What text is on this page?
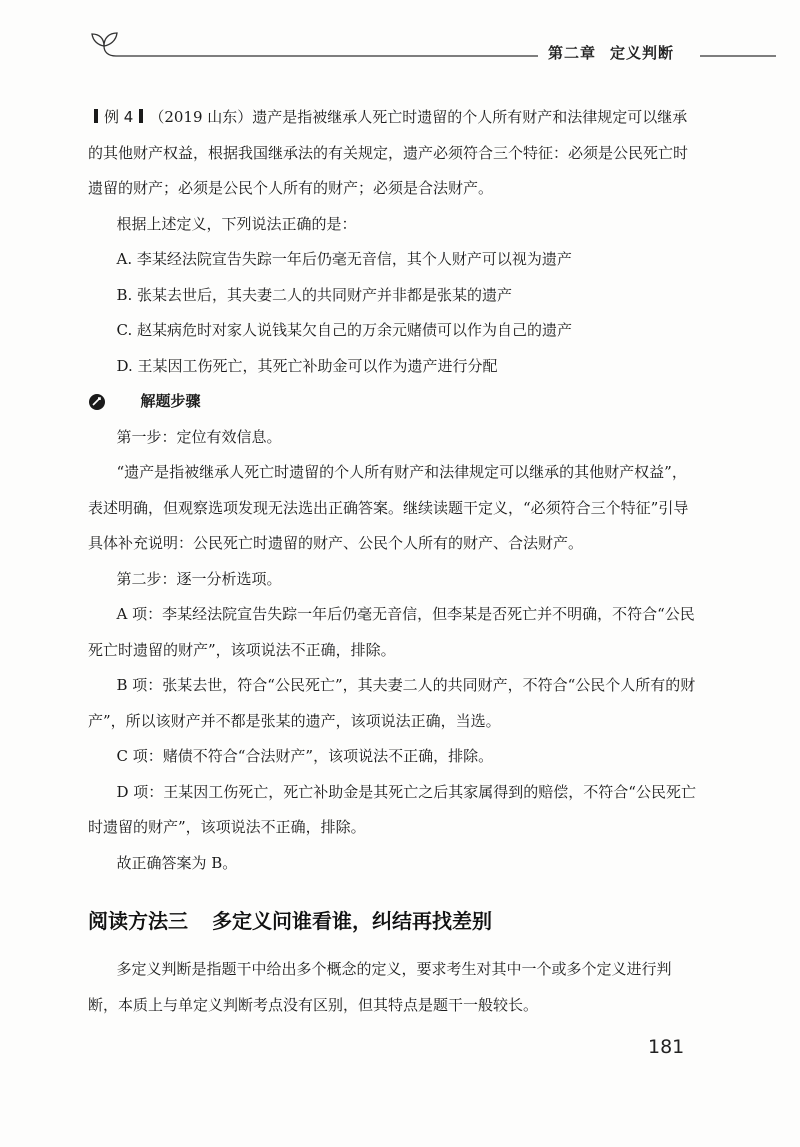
第二章 定义判断

例 4 （2019 山东）遗产是指被继承人死亡时遗留的个人所有财产和法律规定可以继承的其他财产权益，根据我国继承法的有关规定，遗产必须符合三个特征：必须是公民死亡时遗留的财产；必须是公民个人所有的财产；必须是合法财产。

根据上述定义，下列说法正确的是：

A. 李某经法院宣告失踪一年后仍毫无音信，其个人财产可以视为遗产

B. 张某去世后，其夫妻二人的共同财产并非都是张某的遗产

C. 赵某病危时对家人说钱某欠自己的万余元赌债可以作为自己的遗产

D. 王某因工伤死亡，其死亡补助金可以作为遗产进行分配

解题步骤

第一步：定位有效信息。

“遗产是指被继承人死亡时遗留的个人所有财产和法律规定可以继承的其他财产权益”，表述明确，但观察选项发现无法选出正确答案。继续读题干定义，“必须符合三个特征”引导具体补充说明：公民死亡时遗留的财产、公民个人所有的财产、合法财产。

第二步：逐一分析选项。

A 项：李某经法院宣告失踪一年后仍毫无音信，但李某是否死亡并不明确，不符合“公民死亡时遗留的财产”，该项说法不正确，排除。

B 项：张某去世，符合“公民死亡”，其夫妻二人的共同财产，不符合“公民个人所有的财产”，所以该财产并不都是张某的遗产，该项说法正确，当选。

C 项：赌债不符合“合法财产”，该项说法不正确，排除。

D 项：王某因工伤死亡，死亡补助金是其死亡之后其家属得到的赔偿，不符合“公民死亡时遗留的财产”，该项说法不正确，排除。

故正确答案为 B。

阅读方法三 多定义问谁看谁，纠结再找差别

多定义判断是指题干中给出多个概念的定义，要求考生对其中一个或多个定义进行判断，本质上与单定义判断考点没有区别，但其特点是题干一般较长。

181
